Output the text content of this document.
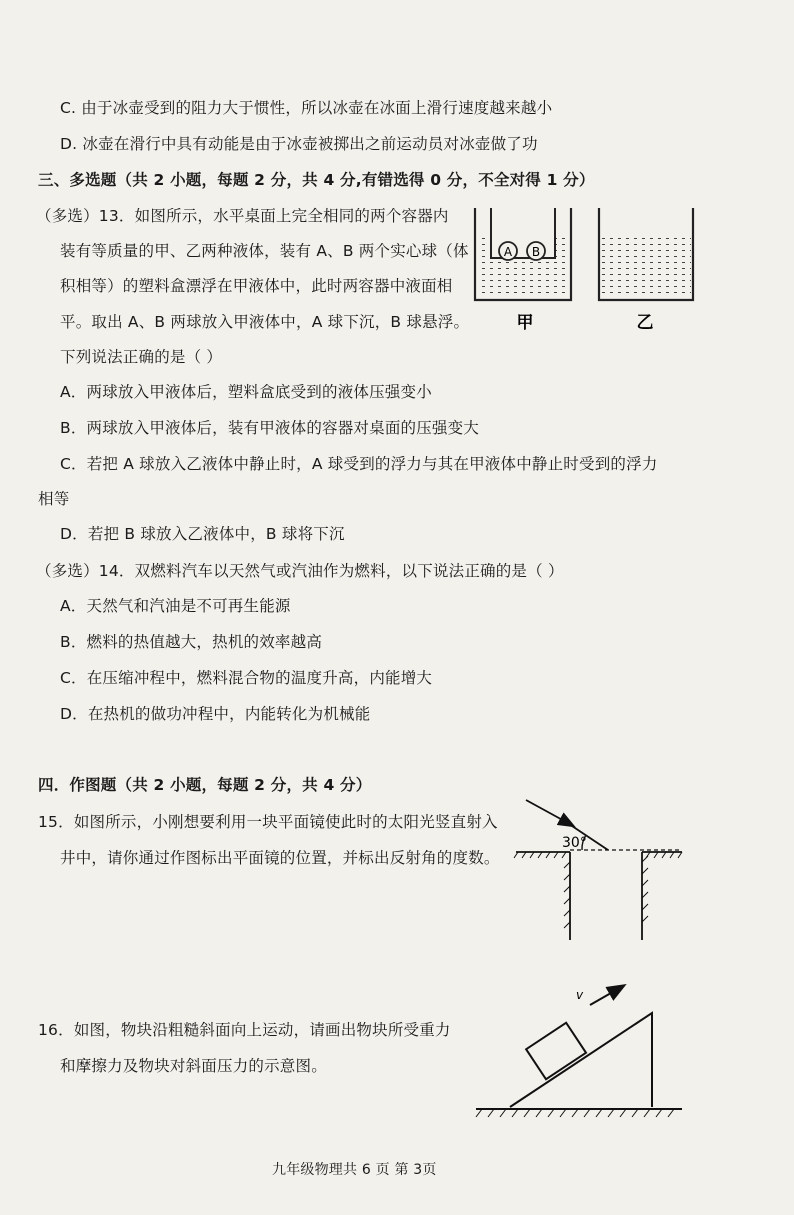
C. 由于冰壶受到的阻力大于惯性，所以冰壶在冰面上滑行速度越来越小
D. 冰壶在滑行中具有动能是由于冰壶被掷出之前运动员对冰壶做了功
三、多选题（共 2 小题，每题 2 分，共 4 分,有错选得 0 分，不全对得 1 分）
（多选）13．如图所示，水平桌面上完全相同的两个容器内
装有等质量的甲、乙两种液体，装有 A、B 两个实心球（体
积相等）的塑料盒漂浮在甲液体中，此时两容器中液面相
平。取出 A、B 两球放入甲液体中，A 球下沉，B 球悬浮。
下列说法正确的是（ ）
A B
甲	乙
A．两球放入甲液体后，塑料盒底受到的液体压强变小
B．两球放入甲液体后，装有甲液体的容器对桌面的压强变大
C．若把 A 球放入乙液体中静止时，A 球受到的浮力与其在甲液体中静止时受到的浮力
相等
D．若把 B 球放入乙液体中，B 球将下沉
（多选）14．双燃料汽车以天然气或汽油作为燃料，以下说法正确的是（ ）
A．天然气和汽油是不可再生能源
B．燃料的热值越大，热机的效率越高
C．在压缩冲程中，燃料混合物的温度升高，内能增大
D．在热机的做功冲程中，内能转化为机械能
四．作图题（共 2 小题，每题 2 分，共 4 分）
15．如图所示，小刚想要利用一块平面镜使此时的太阳光竖直射入
井中，请你通过作图标出平面镜的位置，并标出反射角的度数。
30°
16．如图，物块沿粗糙斜面向上运动，请画出物块所受重力
和摩擦力及物块对斜面压力的示意图。
v
九年级物理共 6 页 第 3页
